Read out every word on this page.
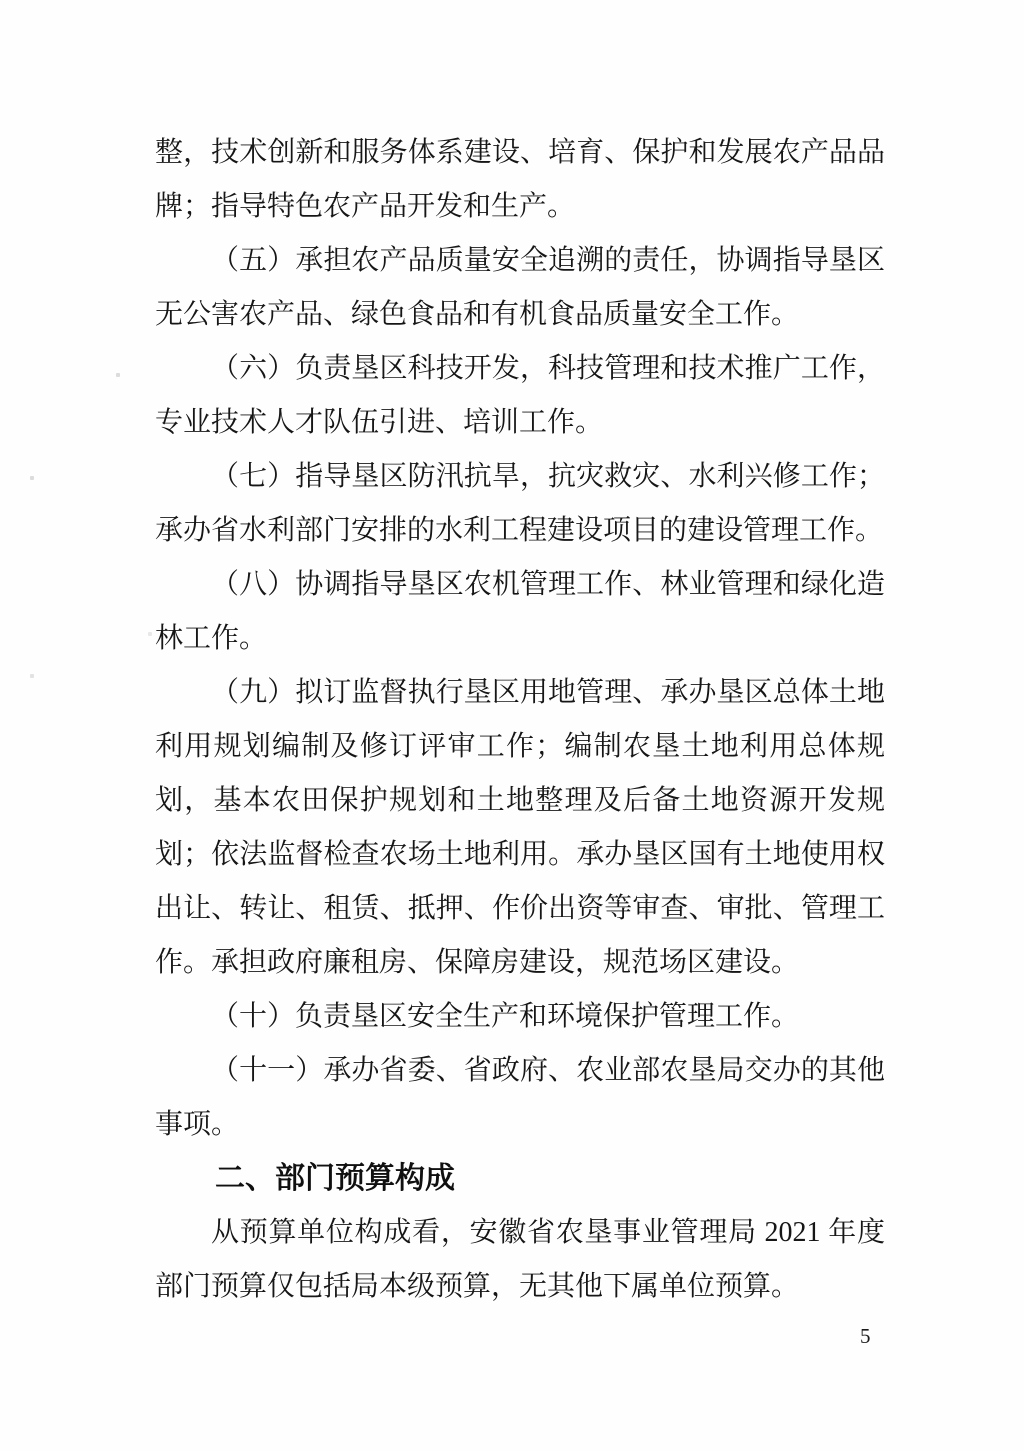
整，技术创新和服务体系建设、培育、保护和发展农产品品牌；指导特色农产品开发和生产。

（五）承担农产品质量安全追溯的责任，协调指导垦区无公害农产品、绿色食品和有机食品质量安全工作。

（六）负责垦区科技开发，科技管理和技术推广工作，专业技术人才队伍引进、培训工作。

（七）指导垦区防汛抗旱，抗灾救灾、水利兴修工作；承办省水利部门安排的水利工程建设项目的建设管理工作。

（八）协调指导垦区农机管理工作、林业管理和绿化造林工作。

（九）拟订监督执行垦区用地管理、承办垦区总体土地利用规划编制及修订评审工作；编制农垦土地利用总体规划，基本农田保护规划和土地整理及后备土地资源开发规划；依法监督检查农场土地利用。承办垦区国有土地使用权出让、转让、租赁、抵押、作价出资等审查、审批、管理工作。承担政府廉租房、保障房建设，规范场区建设。

（十）负责垦区安全生产和环境保护管理工作。

（十一）承办省委、省政府、农业部农垦局交办的其他事项。

二、部门预算构成

从预算单位构成看，安徽省农垦事业管理局 2021 年度部门预算仅包括局本级预算，无其他下属单位预算。

5
